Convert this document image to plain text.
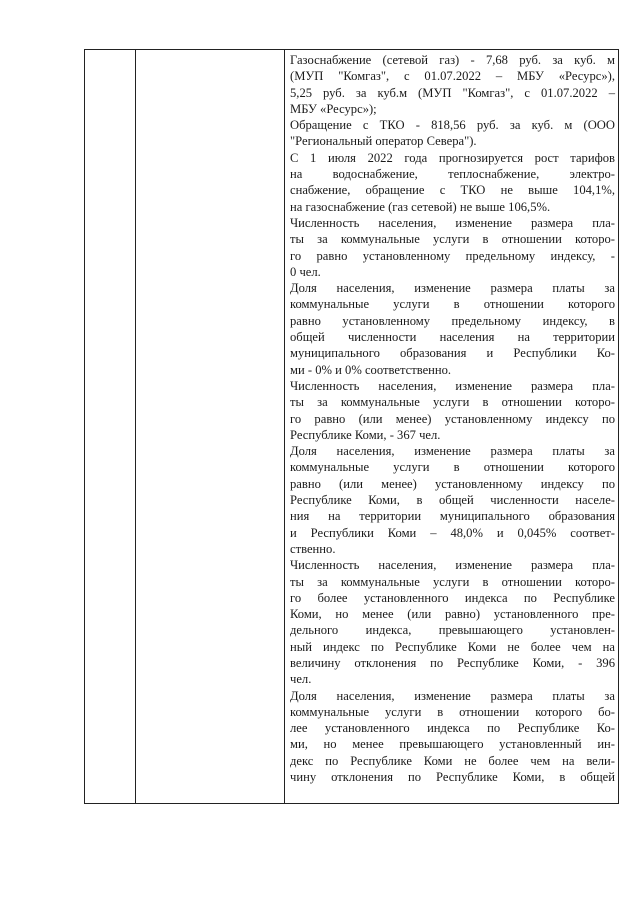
Газоснабжение (сетевой газ) - 7,68 руб. за куб. м
(МУП "Комгаз", с 01.07.2022 – МБУ «Ресурс»),
5,25 руб. за куб.м (МУП "Комгаз", с 01.07.2022 –
МБУ «Ресурс»);
Обращение с ТКО - 818,56 руб. за куб. м (ООО
"Региональный оператор Севера").
С 1 июля 2022 года прогнозируется рост тарифов
на водоснабжение, теплоснабжение, электро-
снабжение, обращение с ТКО не выше 104,1%,
на газоснабжение (газ сетевой) не выше 106,5%.
Численность населения, изменение размера пла-
ты за коммунальные услуги в отношении которо-
го равно установленному предельному индексу, -
0 чел.
Доля населения, изменение размера платы за
коммунальные услуги в отношении которого
равно установленному предельному индексу, в
общей численности населения на территории
муниципального образования и Республики Ко-
ми - 0% и 0% соответственно.
Численность населения, изменение размера пла-
ты за коммунальные услуги в отношении которо-
го равно (или менее) установленному индексу по
Республике Коми, - 367 чел.
Доля населения, изменение размера платы за
коммунальные услуги в отношении которого
равно (или менее) установленному индексу по
Республике Коми, в общей численности населе-
ния на территории муниципального образования
и Республики Коми – 48,0% и 0,045% соответ-
ственно.
Численность населения, изменение размера пла-
ты за коммунальные услуги в отношении которо-
го более установленного индекса по Республике
Коми, но менее (или равно) установленного пре-
дельного индекса, превышающего установлен-
ный индекс по Республике Коми не более чем на
величину отклонения по Республике Коми, - 396
чел.
Доля населения, изменение размера платы за
коммунальные услуги в отношении которого бо-
лее установленного индекса по Республике Ко-
ми, но менее превышающего установленный ин-
декс по Республике Коми не более чем на вели-
чину отклонения по Республике Коми, в общей
